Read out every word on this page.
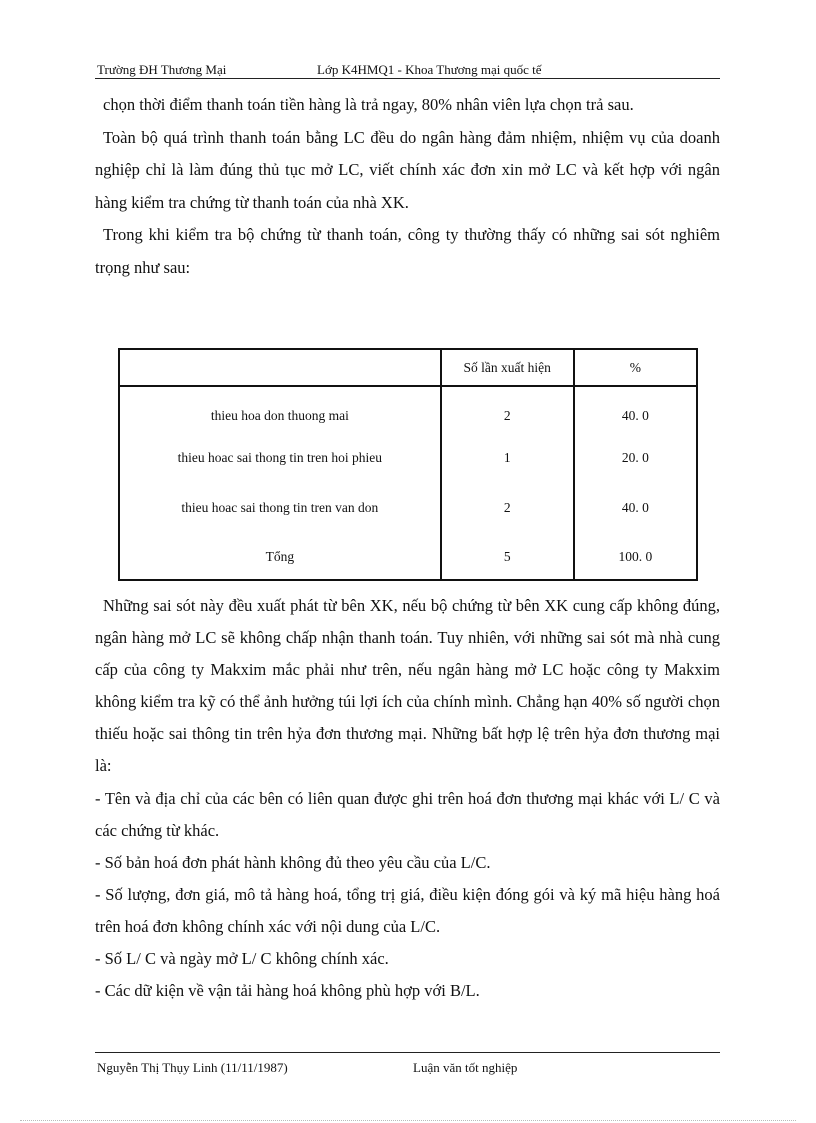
Trường ĐH Thương Mại	Lớp K4HMQ1 - Khoa Thương mại quốc tế

chọn thời điểm thanh toán tiền hàng là trả ngay, 80% nhân viên lựa chọn trả sau.

Toàn bộ quá trình thanh toán bằng LC đều do ngân hàng đảm nhiệm, nhiệm vụ của doanh nghiệp chỉ là làm đúng thủ tục mở LC, viết chính xác đơn xin mở LC và kết hợp với ngân hàng kiểm tra chứng từ thanh toán của nhà XK.

Trong khi kiểm tra bộ chứng từ thanh toán, công ty thường thấy có những sai sót nghiêm trọng như sau:

	Số lần xuất hiện	%
thieu hoa don thuong mai	2	40. 0
thieu hoac sai thong tin tren hoi phieu	1	20. 0
thieu hoac sai thong tin tren van don	2	40. 0
Tổng	5	100. 0

Những sai sót này đều xuất phát từ bên XK, nếu bộ chứng từ bên XK cung cấp không đúng, ngân hàng mở LC sẽ không chấp nhận thanh toán. Tuy nhiên, với những sai sót mà nhà cung cấp của công ty Makxim mắc phải như trên, nếu ngân hàng mở LC hoặc công ty Makxim không kiểm tra kỹ có thể ảnh hưởng túi lợi ích của chính mình. Chẳng hạn 40% số người chọn thiếu hoặc sai thông tin trên hỷa đơn thương mại. Những bất hợp lệ trên hỷa đơn thương mại là:

- Tên và địa chỉ của các bên có liên quan được ghi trên hoá đơn thương mại khác với L/ C và các chứng từ khác.

- Số bản hoá đơn phát hành không đủ theo yêu cầu của L/C.

- Số lượng, đơn giá, mô tả hàng hoá, tổng trị giá, điều kiện đóng gói và ký mã hiệu hàng hoá trên hoá đơn không chính xác với nội dung của L/C.

- Số L/ C và ngày mở L/ C không chính xác.

- Các dữ kiện về vận tải hàng hoá không phù hợp với B/L.

Nguyễn Thị Thụy Linh (11/11/1987)	Luận văn tốt nghiệp
